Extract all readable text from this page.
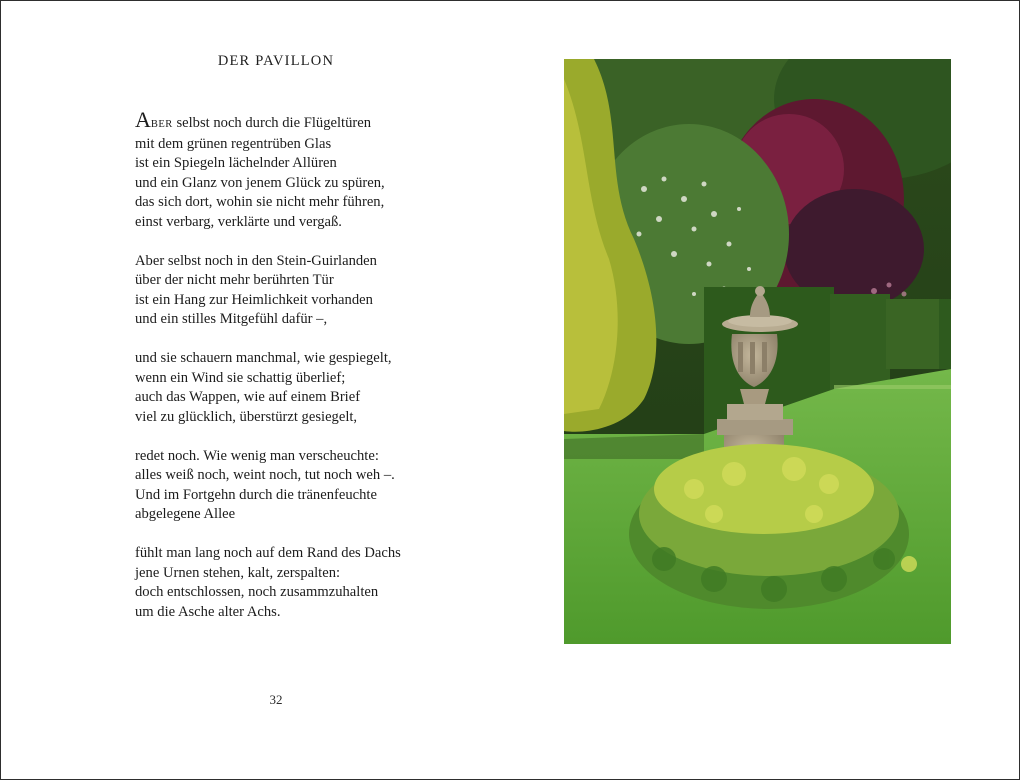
DER PAVILLON
ABER selbst noch durch die Flügeltüren
mit dem grünen regentrüben Glas
ist ein Spiegeln lächelnder Allüren
und ein Glanz von jenem Glück zu spüren,
das sich dort, wohin sie nicht mehr führen,
einst verbarg, verklärte und vergaß.
Aber selbst noch in den Stein-Guirlanden
über der nicht mehr berührten Tür
ist ein Hang zur Heimlichkeit vorhanden
und ein stilles Mitgefühl dafür –,
und sie schauern manchmal, wie gespiegelt,
wenn ein Wind sie schattig überlief;
auch das Wappen, wie auf einem Brief
viel zu glücklich, überstürzt gesiegelt,
redet noch. Wie wenig man verscheuchte:
alles weiß noch, weint noch, tut noch weh –.
Und im Fortgehn durch die tränenfeuchte
abgelegene Allee
fühlt man lang noch auf dem Rand des Dachs
jene Urnen stehen, kalt, zerspalten:
doch entschlossen, noch zusammzuhalten
um die Asche alter Achs.
32
